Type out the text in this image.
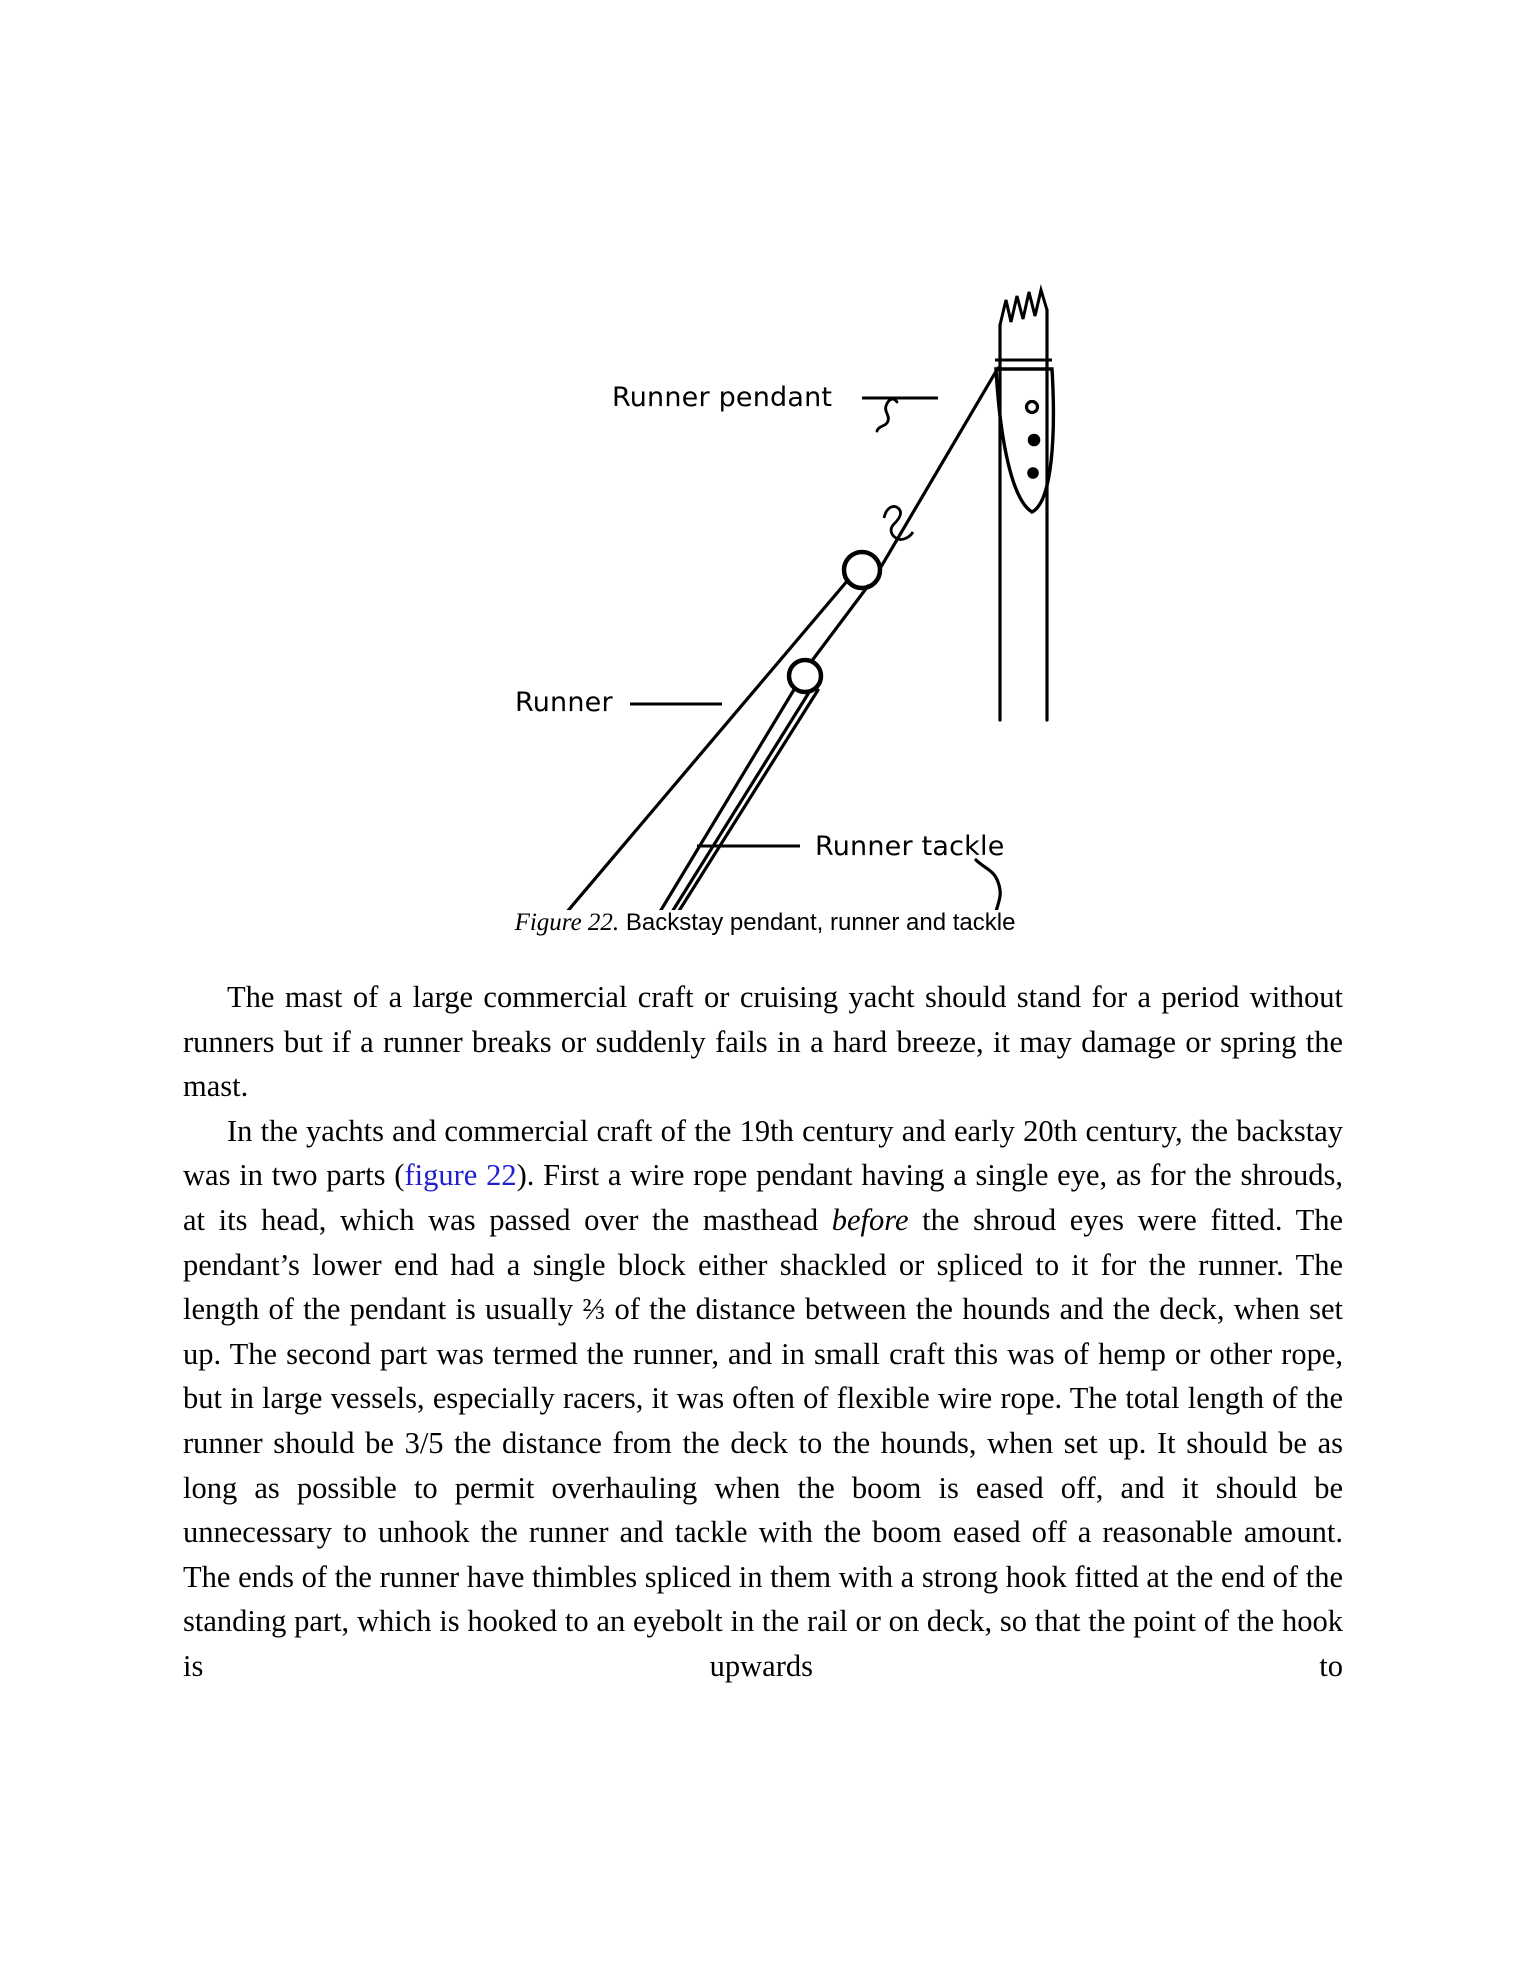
Runner pendant
Runner
Runner tackle
Figure 22. Backstay pendant, runner and tackle

The mast of a large commercial craft or cruising yacht should stand for a period without runners but if a runner breaks or suddenly fails in a hard breeze, it may damage or spring the mast.

In the yachts and commercial craft of the 19th century and early 20th century, the backstay was in two parts (figure 22). First a wire rope pendant having a single eye, as for the shrouds, at its head, which was passed over the masthead before the shroud eyes were fitted. The pendant’s lower end had a single block either shackled or spliced to it for the runner. The length of the pendant is usually ⅔ of the distance between the hounds and the deck, when set up. The second part was termed the runner, and in small craft this was of hemp or other rope, but in large vessels, especially racers, it was often of flexible wire rope. The total length of the runner should be 3/5 the distance from the deck to the hounds, when set up. It should be as long as possible to permit overhauling when the boom is eased off, and it should be unnecessary to unhook the runner and tackle with the boom eased off a reasonable amount. The ends of the runner have thimbles spliced in them with a strong hook fitted at the end of the standing part, which is hooked to an eyebolt in the rail or on deck, so that the point of the hook is upwards to
